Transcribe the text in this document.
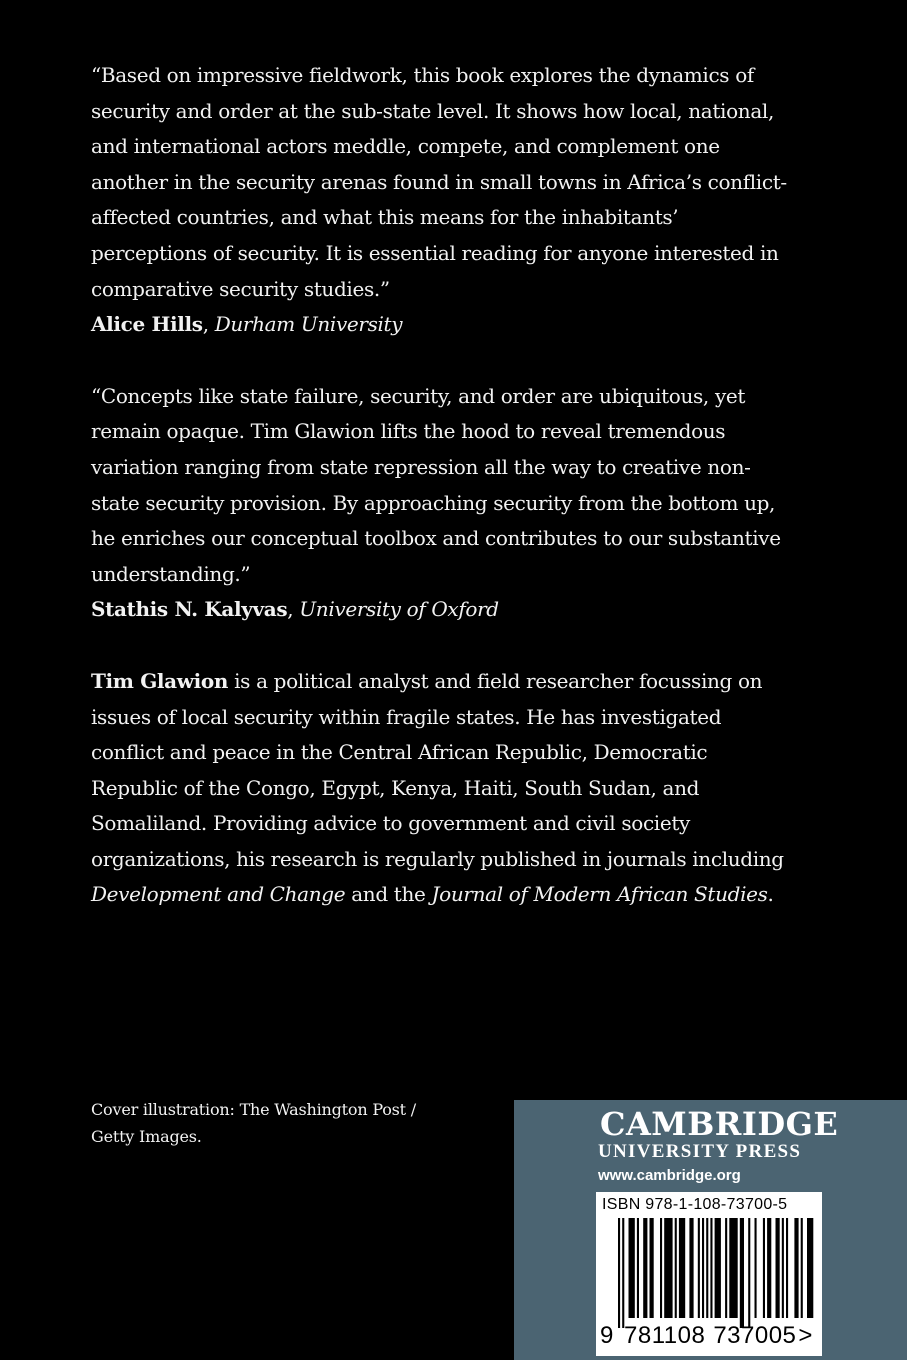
“Based on impressive fieldwork, this book explores the dynamics of security and order at the sub-state level. It shows how local, national, and international actors meddle, compete, and complement one another in the security arenas found in small towns in Africa’s conflict-affected countries, and what this means for the inhabitants’ perceptions of security. It is essential reading for anyone interested in comparative security studies.”

Alice Hills, Durham University

“Concepts like state failure, security, and order are ubiquitous, yet remain opaque. Tim Glawion lifts the hood to reveal tremendous variation ranging from state repression all the way to creative non-state security provision. By approaching security from the bottom up, he enriches our conceptual toolbox and contributes to our substantive understanding.”

Stathis N. Kalyvas, University of Oxford

Tim Glawion is a political analyst and field researcher focussing on issues of local security within fragile states. He has investigated conflict and peace in the Central African Republic, Democratic Republic of the Congo, Egypt, Kenya, Haiti, South Sudan, and Somaliland. Providing advice to government and civil society organizations, his research is regularly published in journals including Development and Change and the Journal of Modern African Studies.

Cover illustration: The Washington Post / Getty Images.	CAMBRIDGE
UNIVERSITY PRESS
www.cambridge.org
ISBN 978-1-108-73700-5
9 781108 737005>
